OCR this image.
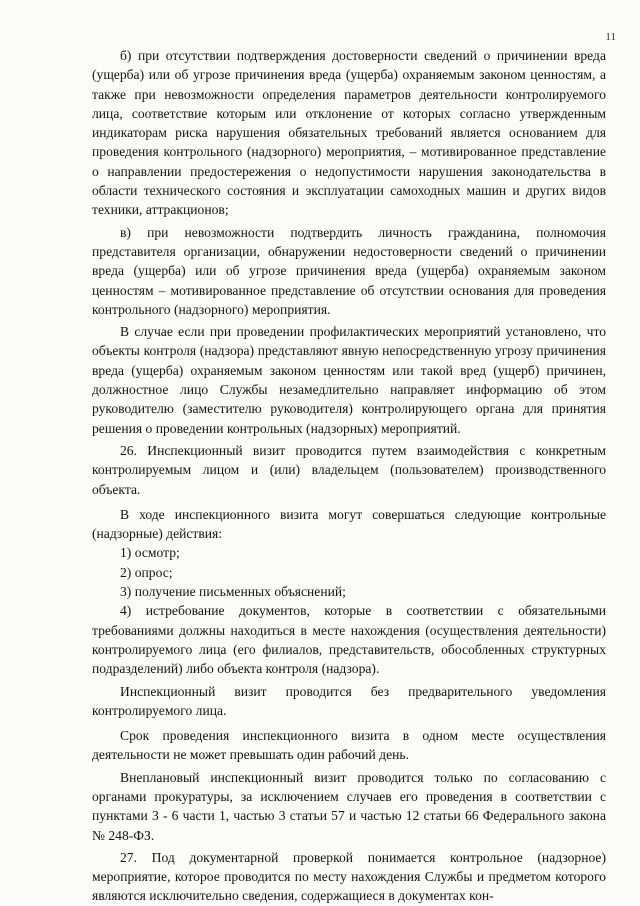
11

б) при отсутствии подтверждения достоверности сведений о причинении вреда (ущерба) или об угрозе причинения вреда (ущерба) охраняемым законом ценностям, а также при невозможности определения параметров деятельности контролируемого лица, соответствие которым или отклонение от которых согласно утвержденным индикаторам риска нарушения обязательных требований является основанием для проведения контрольного (надзорного) мероприятия, – мотивированное представление о направлении предостережения о недопустимости нарушения законодательства в области технического состояния и эксплуатации самоходных машин и других видов техники, аттракционов;

в) при невозможности подтвердить личность гражданина, полномочия представителя организации, обнаружении недостоверности сведений о причинении вреда (ущерба) или об угрозе причинения вреда (ущерба) охраняемым законом ценностям – мотивированное представление об отсутствии основания для проведения контрольного (надзорного) мероприятия.

В случае если при проведении профилактических мероприятий установлено, что объекты контроля (надзора) представляют явную непосредственную угрозу причинения вреда (ущерба) охраняемым законом ценностям или такой вред (ущерб) причинен, должностное лицо Службы незамедлительно направляет информацию об этом руководителю (заместителю руководителя) контролирующего органа для принятия решения о проведении контрольных (надзорных) мероприятий.

26. Инспекционный визит проводится путем взаимодействия с конкретным контролируемым лицом и (или) владельцем (пользователем) производственного объекта.

В ходе инспекционного визита могут совершаться следующие контрольные (надзорные) действия:

1) осмотр;

2) опрос;

3) получение письменных объяснений;

4) истребование документов, которые в соответствии с обязательными требованиями должны находиться в месте нахождения (осуществления деятельности) контролируемого лица (его филиалов, представительств, обособленных структурных подразделений) либо объекта контроля (надзора).

Инспекционный визит проводится без предварительного уведомления контролируемого лица.

Срок проведения инспекционного визита в одном месте осуществления деятельности не может превышать один рабочий день.

Внеплановый инспекционный визит проводится только по согласованию с органами прокуратуры, за исключением случаев его проведения в соответствии с пунктами 3 - 6 части 1, частью 3 статьи 57 и частью 12 статьи 66 Федерального закона № 248-ФЗ.

27. Под документарной проверкой понимается контрольное (надзорное) мероприятие, которое проводится по месту нахождения Службы и предметом которого являются исключительно сведения, содержащиеся в документах кон-
